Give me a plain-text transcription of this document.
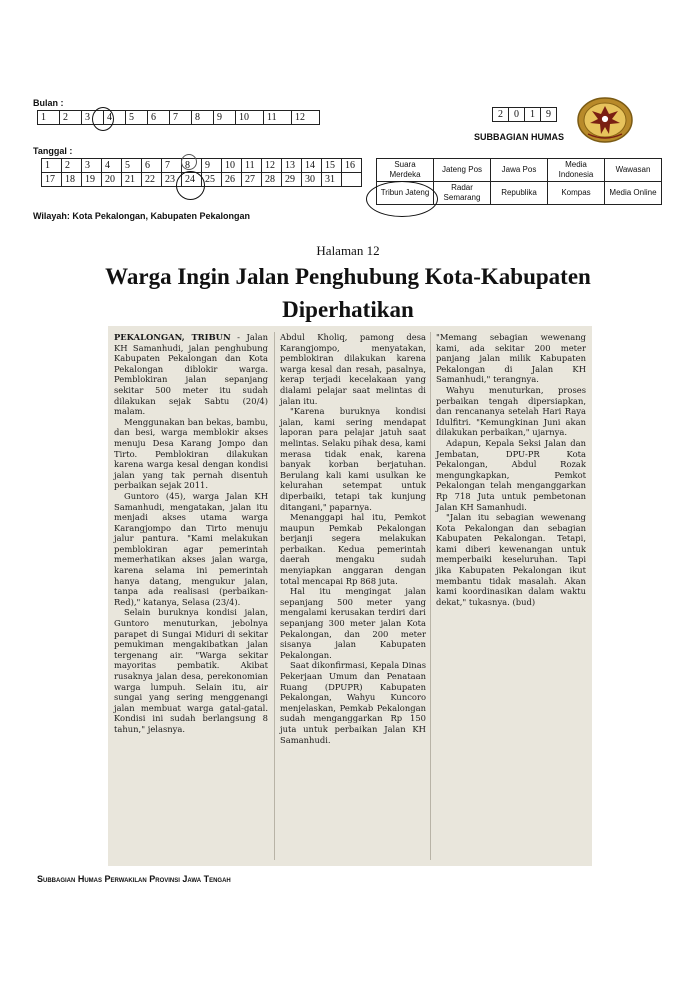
Bulan :
1	2	3	4	5	6	7	8	9	10	11	12
Tanggal :
1	2	3	4	5	6	7	8	9	10	11	12	13	14	15	16
17	18	19	20	21	22	23	24	25	26	27	28	29	30	31	
2	0	1	9
SUBBAGIAN HUMAS
Suara Merdeka	Jateng Pos	Jawa Pos	Media Indonesia	Wawasan
Tribun Jateng	Radar Semarang	Republika	Kompas	Media Online
Wilayah: Kota Pekalongan, Kabupaten Pekalongan
Halaman 12
Warga Ingin Jalan Penghubung Kota-Kabupaten
Diperhatikan

PEKALONGAN, TRIBUN - Jalan KH Samanhudi, jalan penghubung Kabupaten Pekalongan dan Kota Pekalongan diblokir warga. Pemblokiran jalan sepanjang sekitar 500 meter itu sudah dilakukan sejak Sabtu (20/4) malam.

Menggunakan ban bekas, bambu, dan besi, warga memblokir akses menuju Desa Karang Jompo dan Tirto. Pemblokiran dilakukan karena warga kesal dengan kondisi jalan yang tak pernah disentuh perbaikan sejak 2011.

Guntoro (45), warga Jalan KH Samanhudi, mengatakan, jalan itu menjadi akses utama warga Karangjompo dan Tirto menuju jalur pantura. "Kami melakukan pemblokiran agar pemerintah memerhatikan akses jalan warga, karena selama ini pemerintah hanya datang, mengukur jalan, tanpa ada realisasi (perbaikan-Red)," katanya, Selasa (23/4).

Selain buruknya kondisi jalan, Guntoro menuturkan, jebolnya parapet di Sungai Miduri di sekitar pemukiman mengakibatkan jalan tergenang air. "Warga sekitar mayoritas pembatik. Akibat rusaknya jalan desa, perekonomian warga lumpuh. Selain itu, air sungai yang sering menggenangi jalan membuat warga gatal-gatal. Kondisi ini sudah berlangsung 8 tahun," jelasnya.

Abdul Kholiq, pamong desa Karangjompo, menyatakan, pemblokiran dilakukan karena warga kesal dan resah, pasalnya, kerap terjadi kecelakaan yang dialami pelajar saat melintas di jalan itu.

"Karena buruknya kondisi jalan, kami sering mendapat laporan para pelajar jatuh saat melintas. Selaku pihak desa, kami merasa tidak enak, karena banyak korban berjatuhan. Berulang kali kami usulkan ke kelurahan setempat untuk diperbaiki, tetapi tak kunjung ditangani," paparnya.

Menanggapi hal itu, Pemkot maupun Pemkab Pekalongan berjanji segera melakukan perbaikan. Kedua pemerintah daerah mengaku sudah menyiapkan anggaran dengan total mencapai Rp 868 juta.

Hal itu mengingat jalan sepanjang 500 meter yang mengalami kerusakan terdiri dari sepanjang 300 meter jalan Kota Pekalongan, dan 200 meter sisanya jalan Kabupaten Pekalongan.

Saat dikonfirmasi, Kepala Dinas Pekerjaan Umum dan Penataan Ruang (DPUPR) Kabupaten Pekalongan, Wahyu Kuncoro menjelaskan, Pemkab Pekalongan sudah menganggarkan Rp 150 juta untuk perbaikan Jalan KH Samanhudi.

"Memang sebagian wewenang kami, ada sekitar 200 meter panjang jalan milik Kabupaten Pekalongan di Jalan KH Samanhudi," terangnya.

Wahyu menuturkan, proses perbaikan tengah dipersiapkan, dan rencananya setelah Hari Raya Idulfitri. "Kemungkinan Juni akan dilakukan perbaikan," ujarnya.

Adapun, Kepala Seksi Jalan dan Jembatan, DPU-PR Kota Pekalongan, Abdul Rozak mengungkapkan, Pemkot Pekalongan telah menganggarkan Rp 718 Juta untuk pembetonan Jalan KH Samanhudi.

"Jalan itu sebagian wewenang Kota Pekalongan dan sebagian Kabupaten Pekalongan. Tetapi, kami diberi kewenangan untuk memperbaiki keseluruhan. Tapi jika Kabupaten Pekalongan ikut membantu tidak masalah. Akan kami koordinasikan dalam waktu dekat," tukasnya. (bud)

Subbagian Humas Perwakilan Provinsi Jawa Tengah
